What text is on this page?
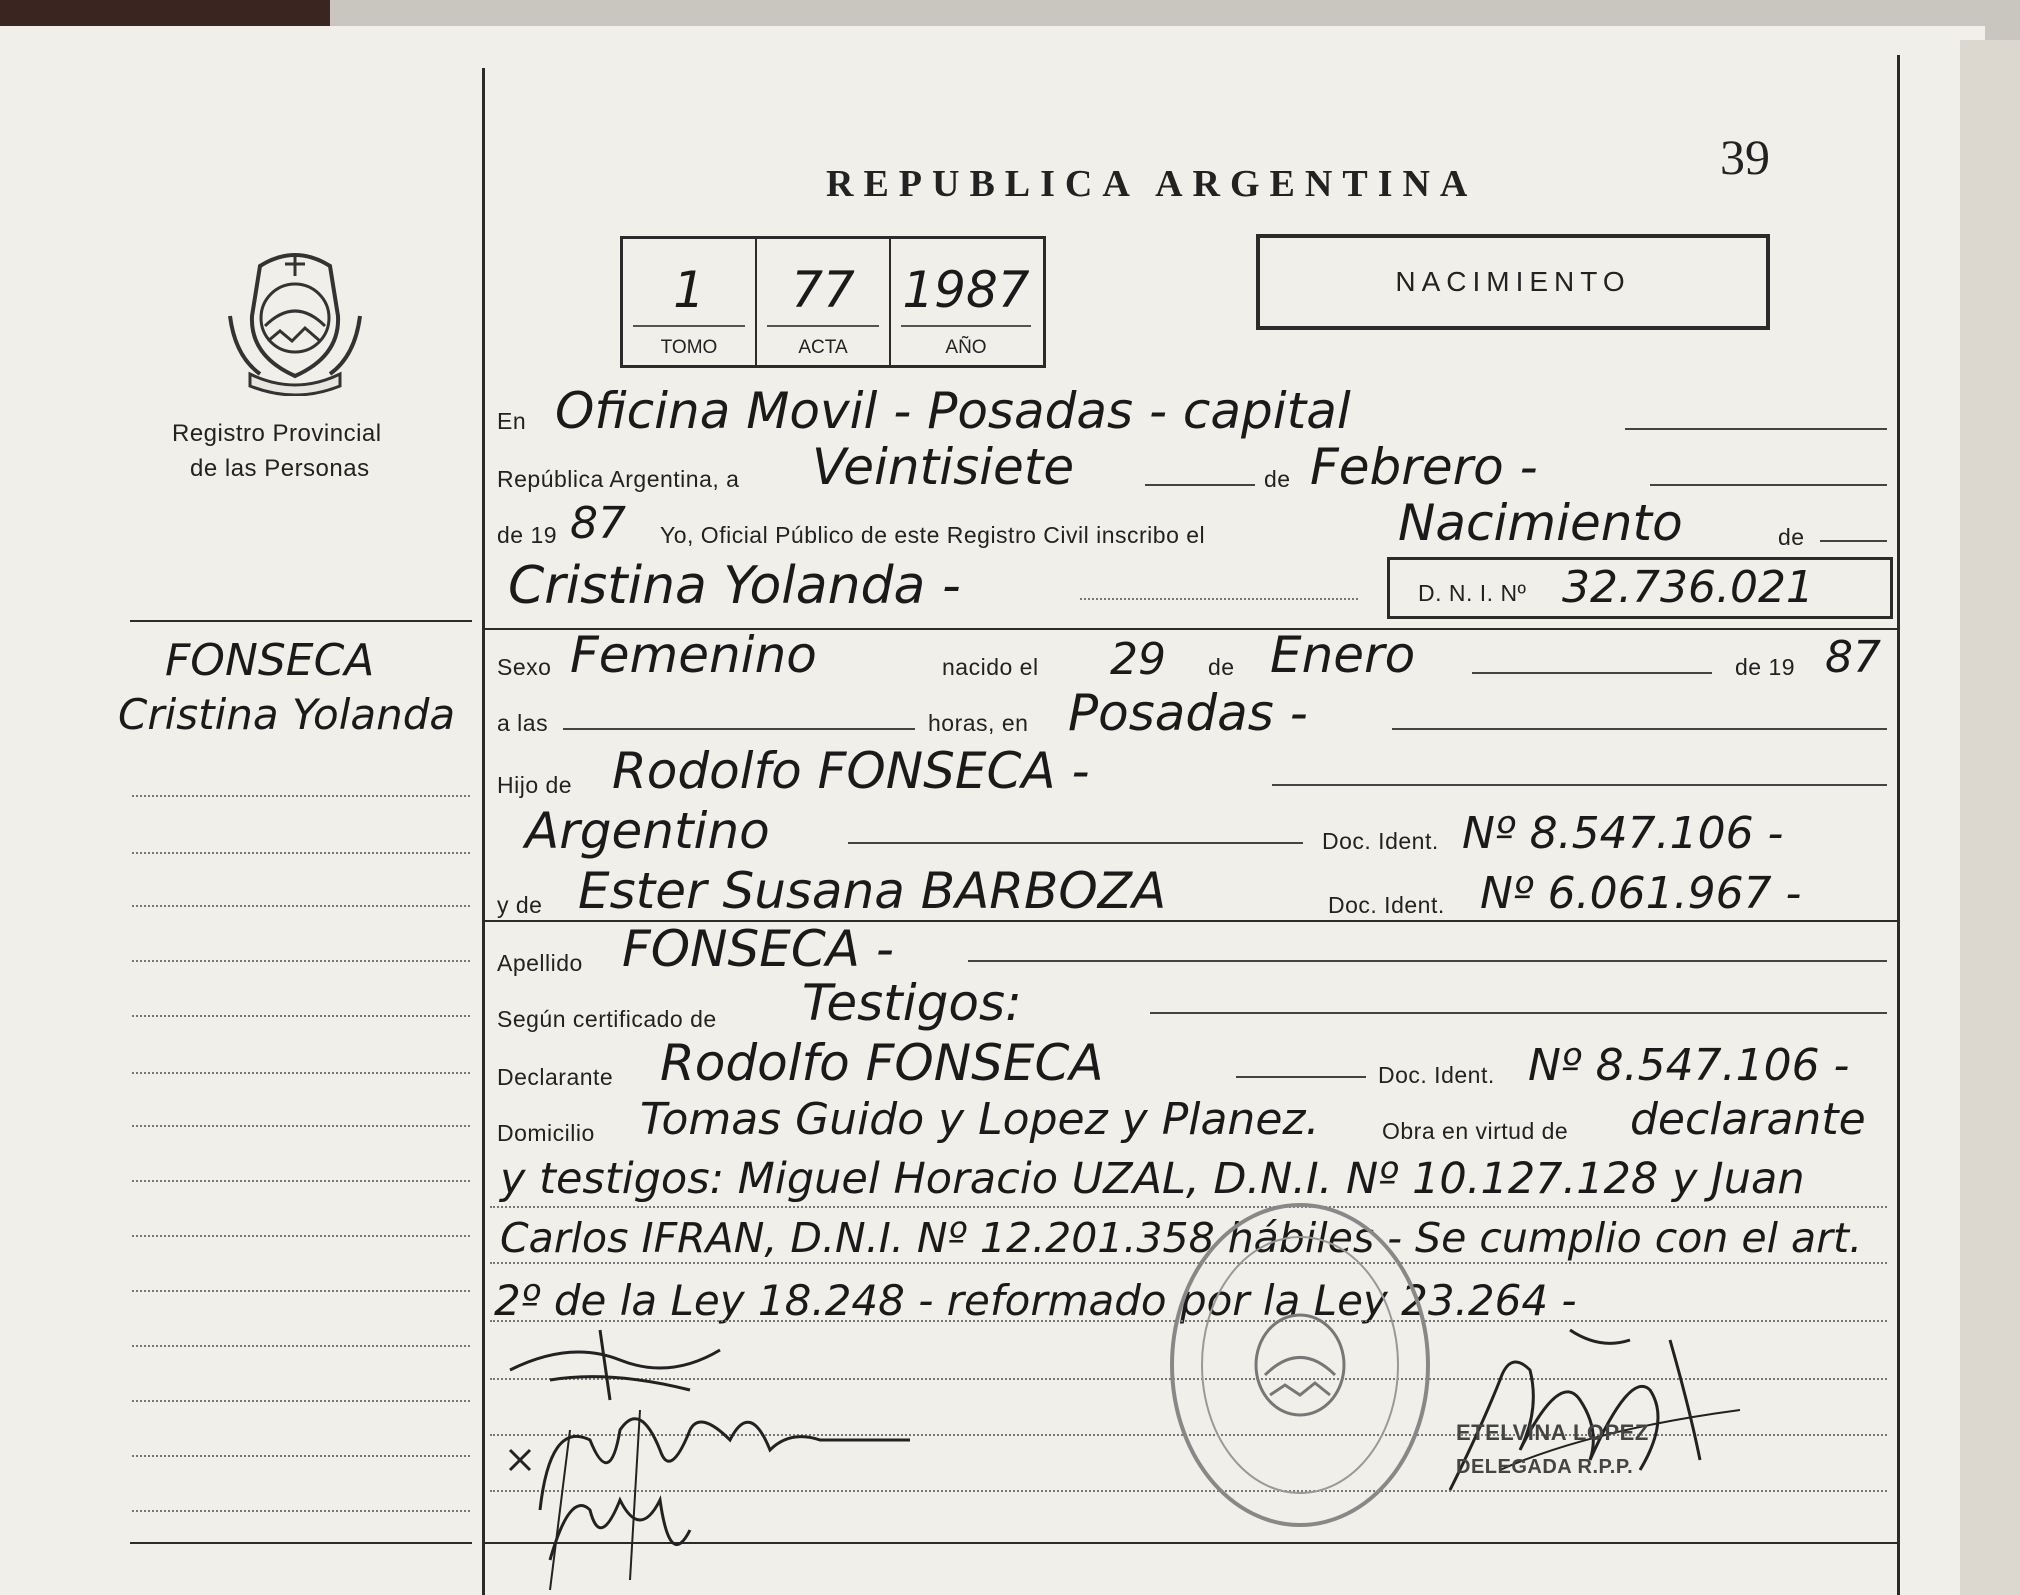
Registro Provincial
de las Personas
39
REPUBLICA ARGENTINA
1
TOMO
77
ACTA
1987
AÑO
NACIMIENTO
FONSECA
Cristina Yolanda
En Oficina Movil - Posadas - capital
República Argentina, a Veintisiete	de Febrero -
de 19 87 Yo, Oficial Público de este Registro Civil inscribo el	Nacimiento	de
Cristina Yolanda -	D. N. I. Nº 32.736.021
Sexo Femenino	nacido el 29 de Enero	de 19 87
a las	horas, en Posadas -
Hijo de Rodolfo FONSECA -
Argentino	Doc. Ident. Nº 8.547.106 -
y de Ester Susana BARBOZA	Doc. Ident. Nº 6.061.967 -
Apellido FONSECA -
Según certificado de Testigos:
Declarante Rodolfo FONSECA	Doc. Ident. Nº 8.547.106 -
Domicilio Tomas Guido y Lopez y Planez.	Obra en virtud de declarante
y testigos: Miguel Horacio UZAL, D.N.I. Nº 10.127.128 y Juan
Carlos IFRAN, D.N.I. Nº 12.201.358 hábiles - Se cumplio con el art.
2º de la Ley 18.248 - reformado por la Ley 23.264 -
ETELVINA LOPEZ
DELEGADA R.P.P.
